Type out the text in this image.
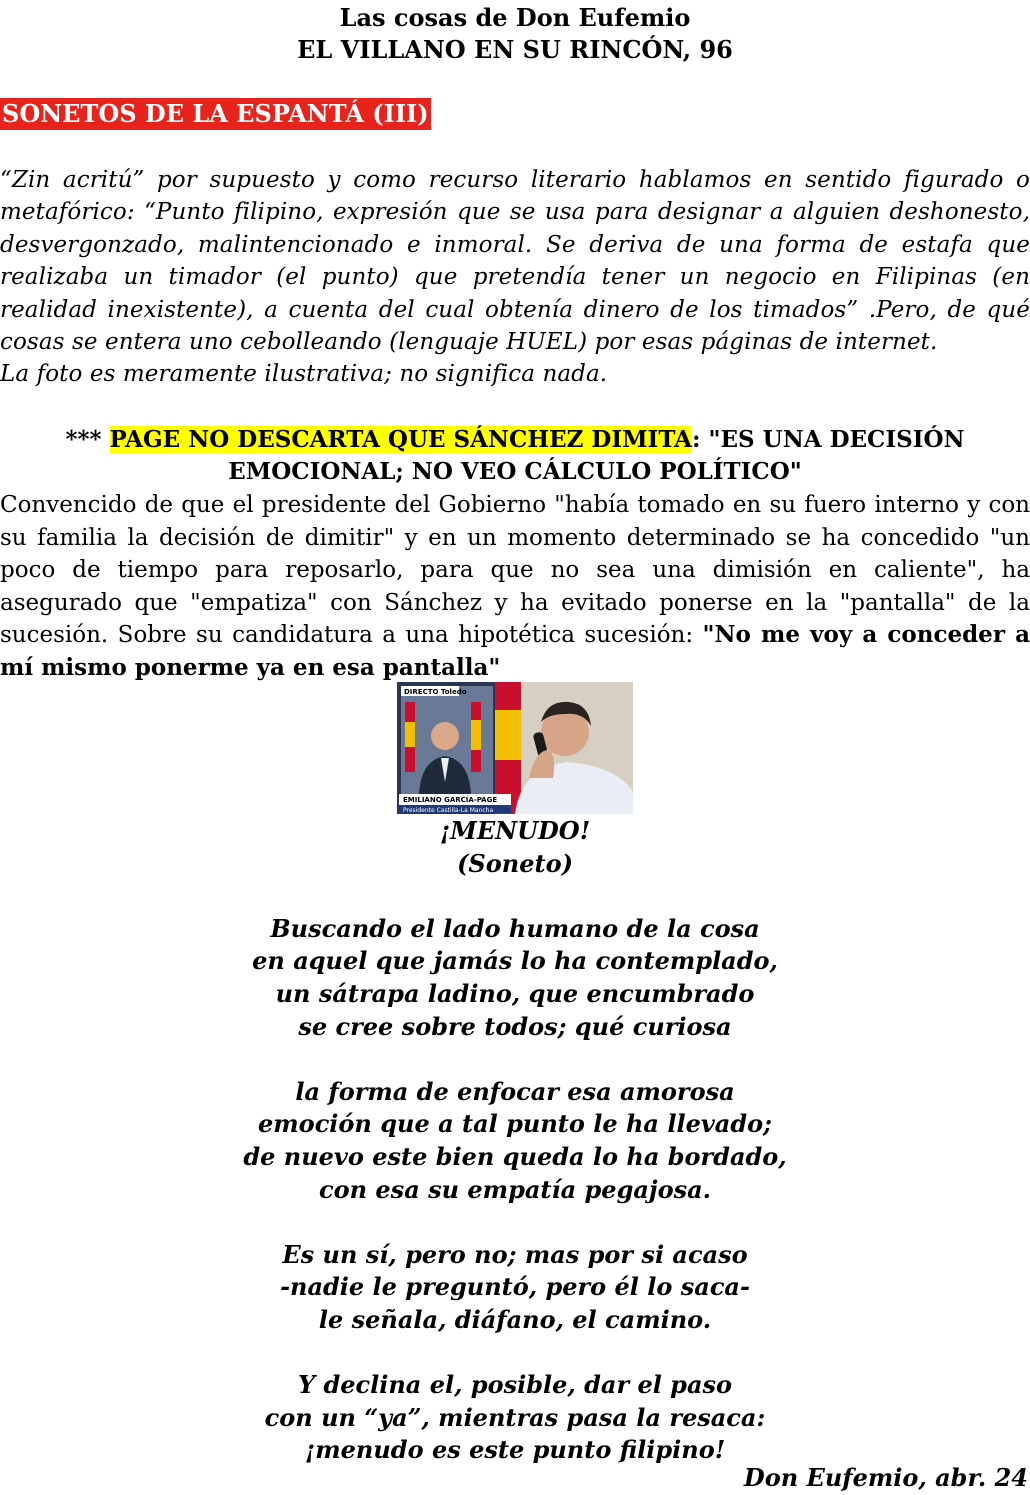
Las cosas de Don Eufemio
EL VILLANO EN SU RINCÓN, 96
SONETOS DE LA ESPANTÁ (III)

“Zin acritú” por supuesto y como recurso literario hablamos en sentido figurado o metafórico: “Punto filipino, expresión que se usa para designar a alguien deshonesto, desvergonzado, malintencionado e inmoral. Se deriva de una forma de estafa que realizaba un timador (el punto) que pretendía tener un negocio en Filipinas (en realidad inexistente), a cuenta del cual obtenía dinero de los timados” .Pero, de qué cosas se entera uno cebolleando (lenguaje HUEL) por esas páginas de internet.

La foto es meramente ilustrativa; no significa nada.

*** PAGE NO DESCARTA QUE SÁNCHEZ DIMITA: "ES UNA DECISIÓN EMOCIONAL; NO VEO CÁLCULO POLÍTICO"
Convencido de que el presidente del Gobierno "había tomado en su fuero interno y con su familia la decisión de dimitir" y en un momento determinado se ha concedido "un poco de tiempo para reposarlo, para que no sea una dimisión en caliente", ha asegurado que "empatiza" con Sánchez y ha evitado ponerse en la "pantalla" de la sucesión. Sobre su candidatura a una hipotética sucesión: "No me voy a conceder a mí mismo ponerme ya en esa pantalla"
DIRECTO Toledo
EMILIANO GARCÍA-PAGE
Presidente Castilla-La Mancha
¡MENUDO!
(Soneto)
Buscando el lado humano de la cosa
en aquel que jamás lo ha contemplado,
un sátrapa ladino, que encumbrado
se cree sobre todos; qué curiosa
la forma de enfocar esa amorosa
emoción que a tal punto le ha llevado;
de nuevo este bien queda lo ha bordado,
con esa su empatía pegajosa.
Es un sí, pero no; mas por si acaso
-nadie le preguntó, pero él lo saca-
le señala, diáfano, el camino.
Y declina el, posible, dar el paso
con un “ya”, mientras pasa la resaca:
¡menudo es este punto filipino!
Don Eufemio, abr. 24
